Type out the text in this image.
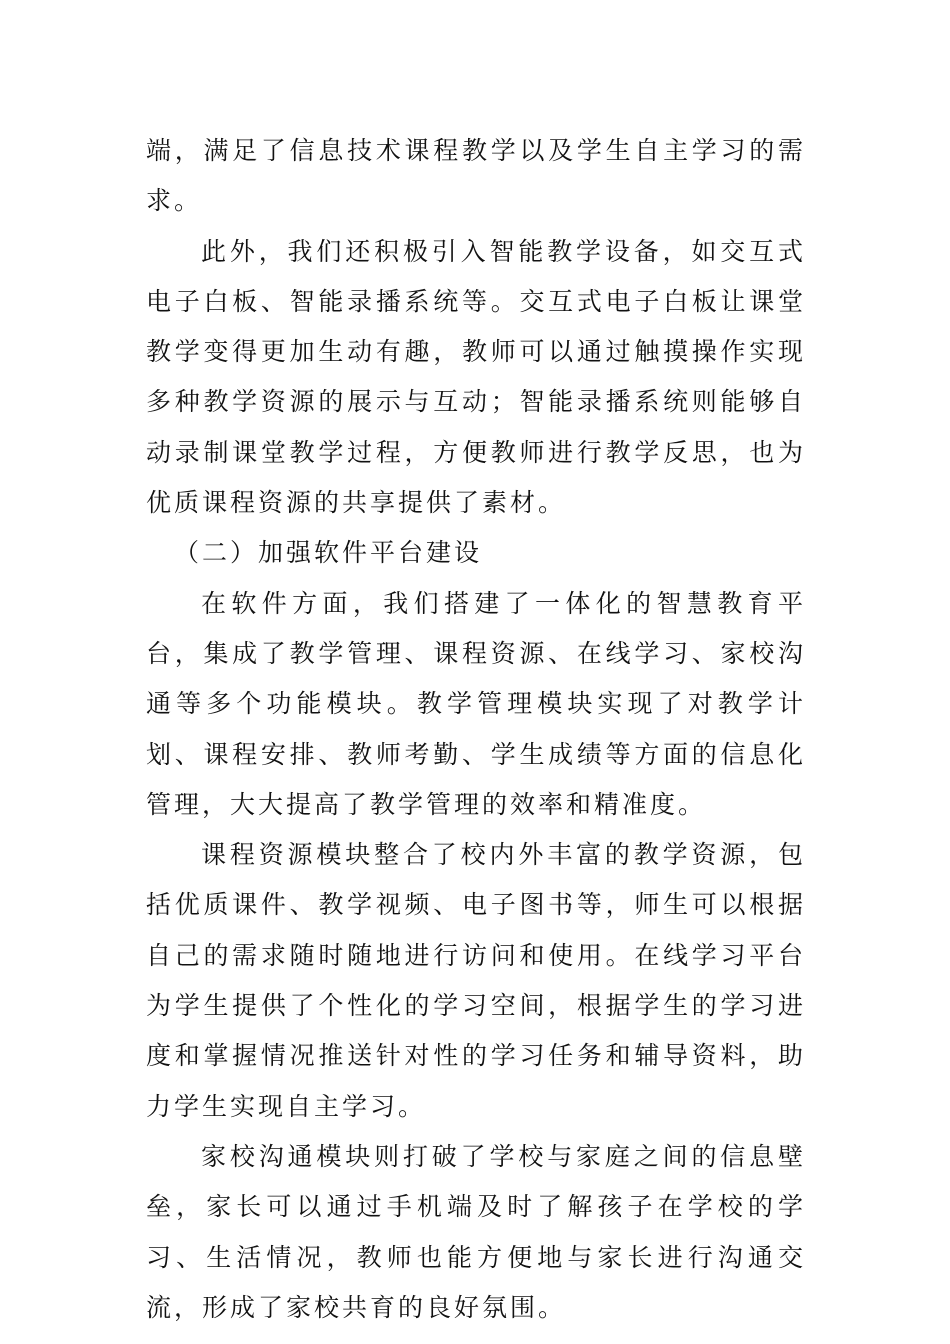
端，满足了信息技术课程教学以及学生自主学习的需求。

此外，我们还积极引入智能教学设备，如交互式电子白板、智能录播系统等。交互式电子白板让课堂教学变得更加生动有趣，教师可以通过触摸操作实现多种教学资源的展示与互动；智能录播系统则能够自动录制课堂教学过程，方便教师进行教学反思，也为优质课程资源的共享提供了素材。

（二）加强软件平台建设

在软件方面，我们搭建了一体化的智慧教育平台，集成了教学管理、课程资源、在线学习、家校沟通等多个功能模块。教学管理模块实现了对教学计划、课程安排、教师考勤、学生成绩等方面的信息化管理，大大提高了教学管理的效率和精准度。

课程资源模块整合了校内外丰富的教学资源，包括优质课件、教学视频、电子图书等，师生可以根据自己的需求随时随地进行访问和使用。在线学习平台为学生提供了个性化的学习空间，根据学生的学习进度和掌握情况推送针对性的学习任务和辅导资料，助力学生实现自主学习。

家校沟通模块则打破了学校与家庭之间的信息壁垒，家长可以通过手机端及时了解孩子在学校的学习、生活情况，教师也能方便地与家长进行沟通交流，形成了家校共育的良好氛围。
